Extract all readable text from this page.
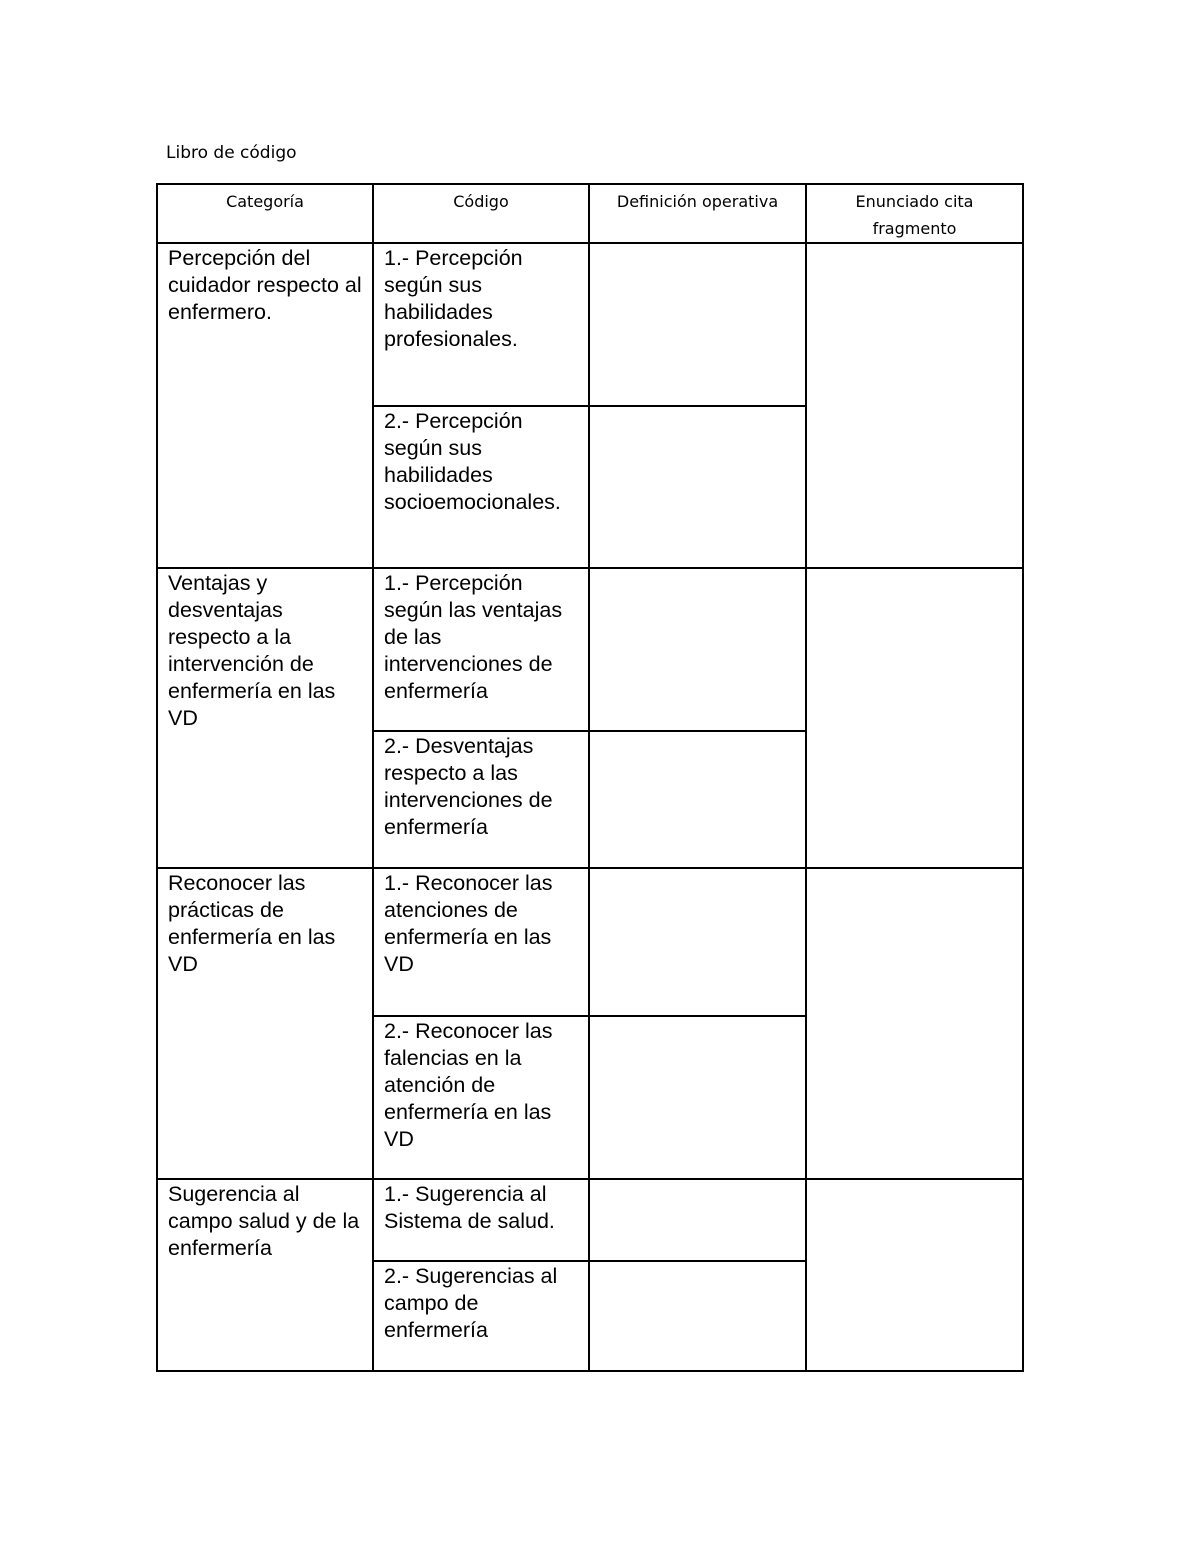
Libro de código
Categoría	Código	Definición operativa	Enunciado cita fragmento
Percepción del cuidador respecto al enfermero.	1.- Percepción según sus habilidades profesionales.		
	2.- Percepción según sus habilidades socioemocionales.		
Ventajas y desventajas respecto a la intervención de enfermería en las VD	1.- Percepción según las ventajas de las intervenciones de enfermería		
	2.- Desventajas respecto a las intervenciones de enfermería		
Reconocer las prácticas de enfermería en las VD	1.- Reconocer las atenciones de enfermería en las VD		
	2.- Reconocer las falencias en la atención de enfermería en las VD		
Sugerencia al campo salud y de la enfermería	1.- Sugerencia al Sistema de salud.		
	2.- Sugerencias al campo de enfermería		
